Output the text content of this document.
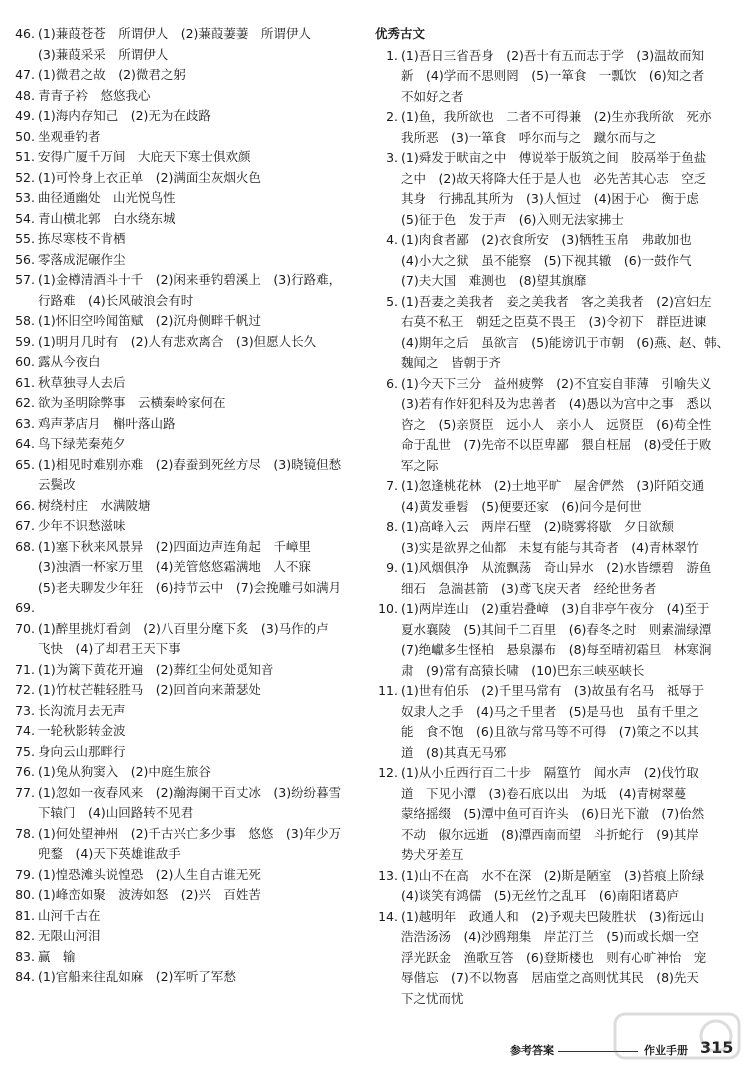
46. (1)蒹葭苍苍　所谓伊人　(2)蒹葭萋萋　所谓伊人
(3)蒹葭采采　所谓伊人
47. (1)微君之故　(2)微君之躬
48. 青青子衿　悠悠我心
49. (1)海内存知己　(2)无为在歧路
50. 坐观垂钓者
51. 安得广厦千万间　大庇天下寒士俱欢颜
52. (1)可怜身上衣正单　(2)满面尘灰烟火色
53. 曲径通幽处　山光悦鸟性
54. 青山横北郭　白水绕东城
55. 拣尽寒枝不肯栖
56. 零落成泥碾作尘
57. (1)金樽清酒斗十千　(2)闲来垂钓碧溪上　(3)行路难，
行路难　(4)长风破浪会有时
58. (1)怀旧空吟闻笛赋　(2)沉舟侧畔千帆过
59. (1)明月几时有　(2)人有悲欢离合　(3)但愿人长久
60. 露从今夜白
61. 秋草独寻人去后
62. 欲为圣明除弊事　云横秦岭家何在
63. 鸡声茅店月　槲叶落山路
64. 鸟下绿芜秦苑夕
65. (1)相见时难别亦难　(2)春蚕到死丝方尽　(3)晓镜但愁
云鬓改
66. 树绕村庄　水满陂塘
67. 少年不识愁滋味
68. (1)塞下秋来风景异　(2)四面边声连角起　千嶂里
(3)浊酒一杯家万里　(4)羌管悠悠霜满地　人不寐
(5)老夫聊发少年狂　(6)持节云中　(7)会挽雕弓如满月
69.
70. (1)醉里挑灯看剑　(2)八百里分麾下炙　(3)马作的卢
飞快　(4)了却君王天下事
71. (1)为篱下黄花开遍　(2)葬红尘何处觅知音
72. (1)竹杖芒鞋轻胜马　(2)回首向来萧瑟处
73. 长沟流月去无声
74. 一轮秋影转金波
75. 身向云山那畔行
76. (1)兔从狗窦入　(2)中庭生旅谷
77. (1)忽如一夜春风来　(2)瀚海阑干百丈冰　(3)纷纷暮雪
下辕门　(4)山回路转不见君
78. (1)何处望神州　(2)千古兴亡多少事　悠悠　(3)年少万
兜鍪　(4)天下英雄谁敌手
79. (1)惶恐滩头说惶恐　(2)人生自古谁无死
80. (1)峰峦如聚　波涛如怒　(2)兴　百姓苦
81. 山河千古在
82. 无限山河泪
83. 赢　输
84. (1)官船来往乱如麻　(2)军听了军愁
优秀古文
1. (1)吾日三省吾身　(2)吾十有五而志于学　(3)温故而知
新　(4)学而不思则罔　(5)一箪食　一瓢饮　(6)知之者
不如好之者
2. (1)鱼，我所欲也　二者不可得兼　(2)生亦我所欲　死亦
我所恶　(3)一箪食　呼尔而与之　蹴尔而与之
3. (1)舜发于畎亩之中　傅说举于版筑之间　胶鬲举于鱼盐
之中　(2)故天将降大任于是人也　必先苦其心志　空乏
其身　行拂乱其所为　(3)人恒过　(4)困于心　衡于虑
(5)征于色　发于声　(6)入则无法家拂士
4. (1)肉食者鄙　(2)衣食所安　(3)牺牲玉帛　弗敢加也
(4)小大之狱　虽不能察　(5)下视其辙　(6)一鼓作气
(7)夫大国　难测也　(8)望其旗靡
5. (1)吾妻之美我者　妾之美我者　客之美我者　(2)宫妇左
右莫不私王　朝廷之臣莫不畏王　(3)令初下　群臣进谏
(4)期年之后　虽欲言　(5)能谤讥于市朝　(6)燕、赵、韩、
魏闻之　皆朝于齐
6. (1)今天下三分　益州疲弊　(2)不宜妄自菲薄　引喻失义
(3)若有作奸犯科及为忠善者　(4)愚以为宫中之事　悉以
咨之　(5)亲贤臣　远小人　亲小人　远贤臣　(6)苟全性
命于乱世　(7)先帝不以臣卑鄙　猥自枉屈　(8)受任于败
军之际
7. (1)忽逢桃花林　(2)土地平旷　屋舍俨然　(3)阡陌交通
(4)黄发垂髫　(5)便要还家　(6)问今是何世
8. (1)高峰入云　两岸石壁　(2)晓雾将歇　夕日欲颓
(3)实是欲界之仙都　未复有能与其奇者　(4)青林翠竹
9. (1)风烟俱净　从流飘荡　奇山异水　(2)水皆缥碧　游鱼
细石　急湍甚箭　(3)鸢飞戾天者　经纶世务者
10. (1)两岸连山　(2)重岩叠嶂　(3)自非亭午夜分　(4)至于
夏水襄陵　(5)其间千二百里　(6)春冬之时　则素湍绿潭
(7)绝巘多生怪柏　悬泉瀑布　(8)每至晴初霜旦　林寒涧
肃　(9)常有高猿长啸　(10)巴东三峡巫峡长
11. (1)世有伯乐　(2)千里马常有　(3)故虽有名马　祗辱于
奴隶人之手　(4)马之千里者　(5)是马也　虽有千里之
能　食不饱　(6)且欲与常马等不可得　(7)策之不以其
道　(8)其真无马邪
12. (1)从小丘西行百二十步　隔篁竹　闻水声　(2)伐竹取
道　下见小潭　(3)卷石底以出　为坻　(4)青树翠蔓
蒙络摇缀　(5)潭中鱼可百许头　(6)日光下澈　(7)佁然
不动　俶尔远逝　(8)潭西南而望　斗折蛇行　(9)其岸
势犬牙差互
13. (1)山不在高　水不在深　(2)斯是陋室　(3)苔痕上阶绿
(4)谈笑有鸿儒　(5)无丝竹之乱耳　(6)南阳诸葛庐
14. (1)越明年　政通人和　(2)予观夫巴陵胜状　(3)衔远山
浩浩汤汤　(4)沙鸥翔集　岸芷汀兰　(5)而或长烟一空
浮光跃金　渔歌互答　(6)登斯楼也　则有心旷神怡　宠
辱偕忘　(7)不以物喜　居庙堂之高则忧其民　(8)先天
下之忧而忧
参考答案	作业手册 315
